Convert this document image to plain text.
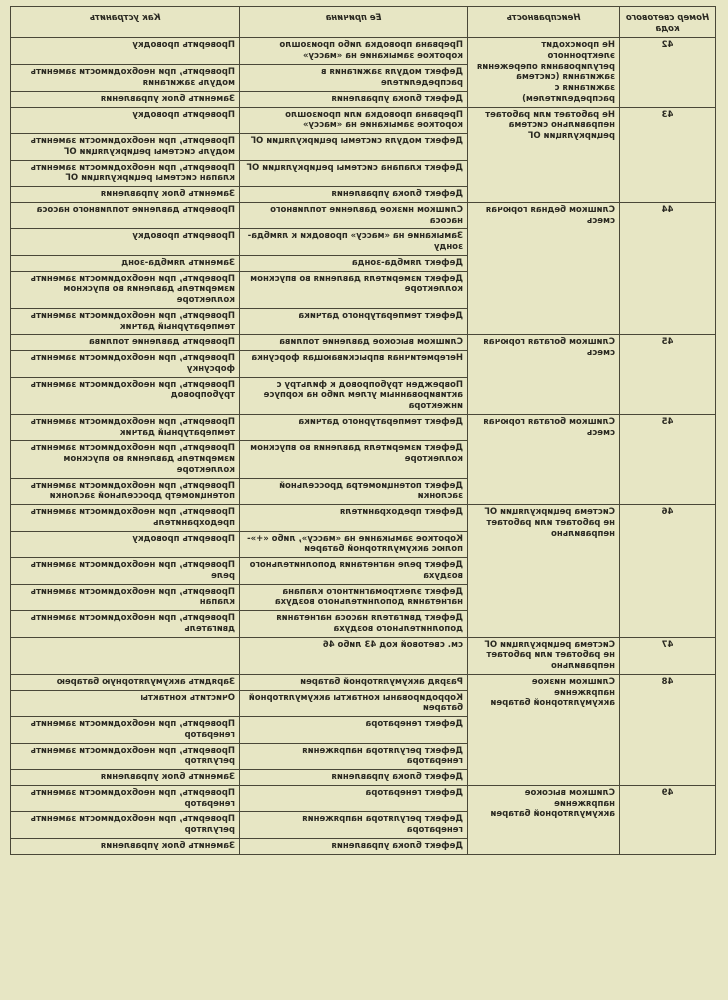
Номер светового кода	Неисправность	Ее причина	Как устранить
42	Не происходит электронного регулирования опережения зажигания (система зажигания с распределителем)	Прервана проводка либо произошло короткое замыкание на «массу»	Проверить проводку
		Дефект модуля зажигания в распределителе	Проверить, при необходимости заменить модуль зажигания
		Дефект блока управления	Заменить блок управления
43	Не работает или работает неправильно система рециркуляции ОГ	Прервана проводка или произошло короткое замыкание на «массу»	Проверить проводку
		Дефект модуля системы рециркуляции ОГ	Проверить, при необходимости заменить модуль системы рециркуляции ОГ
		Дефект клапана системы рециркуляции ОГ	Проверить, при необходимости заменить клапан системы рециркуляции ОГ
		Дефект блока управления	Заменить блок управления
44	Слишком бедная горючая смесь	Слишком низкое давление топливного насоса	Проверить давление топливного насоса
		Замыкание на «массу» проводки к лямбда-зонду	Проверить проводку
		Дефект лямбда-зонда	Заменить лямбда-зонд
		Дефект измерителя давления во впускном коллекторе	Проверить, при необходимости заменить измеритель давления во впускном коллекторе
		Дефект температурного датчика	Проверить, при необходимости заменить температурный датчик
45	Слишком богатая горючая смесь	Слишком высокое давление топлива	Проверить давление топлива
		Негерметичная впрыскивающая форсунка	Проверить, при необходимости заменить форсунку
		Поврежден трубопровод к фильтру с активированным углем либо на корпусе инжектора	Проверить, при необходимости заменить трубопровод
45	Слишком богатая горючая смесь	Дефект температурного датчика	Проверить, при необходимости заменить температурный датчик
		Дефект измерителя давления во впускном коллекторе	Проверить, при необходимости заменить измеритель давления во впускном коллекторе
		Дефект потенциометра дроссельной заслонки	Проверить, при необходимости заменить потенциометр дроссельной заслонки
46	Система рециркуляции ОГ не работает или работает неправильно	Дефект предохранителя	Проверить, при необходимости заменить предохранитель
		Короткое замыкание на «массу», либо «+»-полюс аккумуляторной батареи	Проверить проводку
		Дефект реле нагнетания дополнительного воздуха	Проверить, при необходимости заменить реле
		Дефект электромагнитного клапана нагнетания дополнительного воздуха	Проверить, при необходимости заменить клапан
		Дефект двигателя насоса нагнетания дополнительного воздуха	Проверить, при необходимости заменить двигатель
47	Система рециркуляции ОГ не работает или работает неправильно	см. световой код 43 либо 46	
48	Слишком низкое напряжение аккумуляторной батареи	Разряд аккумуляторной батареи	Зарядить аккумуляторную батарею
		Корродированы контакты аккумуляторной батареи	Очистить контакты
		Дефект генератора	Проверить, при необходимости заменить генератор
		Дефект регулятора напряжения генератора	Проверить, при необходимости заменить регулятор
		Дефект блока управления	Заменить блок управления
49	Слишком высокое напряжение аккумуляторной батареи	Дефект генератора	Проверить, при необходимости заменить генератор
		Дефект регулятора напряжения генератора	Проверить, при необходимости заменить регулятор
		Дефект блока управления	Заменить блок управления
